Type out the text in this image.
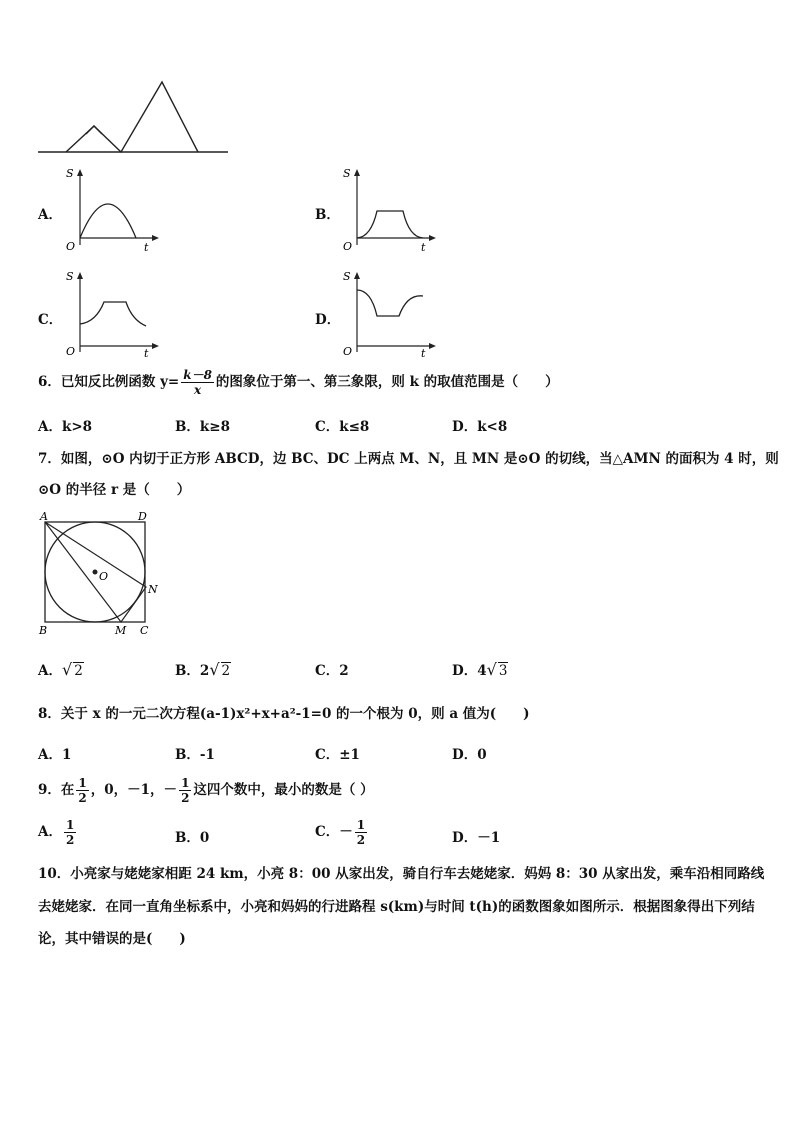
A．
S
O	t
B．
S
O	t
C．
S
O	t
D．
S
O	t
6．已知反比例函数 $y= \frac{k-8}{x}$ 的图象位于第一、第三象限，则 k 的取值范围是（　　）
A．k>8	B．k≥8	C．k≤8	D．k<8
7．如图，⊙O 内切于正方形 ABCD，边 BC、DC 上两点 M、N，且 MN 是⊙O 的切线，当△AMN 的面积为 4 时，则
⊙O 的半径 r 是（　　）
A	D
B	C
O
M
N
A．√ 2	B．2√ 2	C．2	D．4√ 3
8．关于 x 的一元二次方程(a-1)x²+x+a²-1=0 的一个根为 0，则 a 值为(　　)
A．1	B．-1	C．±1	D．0
9．在 $\frac{1}{2}$ ，0，－1，－ $\frac{1}{2}$ 这四个数中，最小的数是（ ）
A． $\frac{1}{2}$	B．0	C．－ $\frac{1}{2}$	D．－1
10．小亮家与姥姥家相距 24 km，小亮 8：00 从家出发，骑自行车去姥姥家．妈妈 8：30 从家出发，乘车沿相同路线
去姥姥家．在同一直角坐标系中，小亮和妈妈的行进路程 s(km)与时间 t(h)的函数图象如图所示．根据图象得出下列结
论，其中错误的是(　　)
